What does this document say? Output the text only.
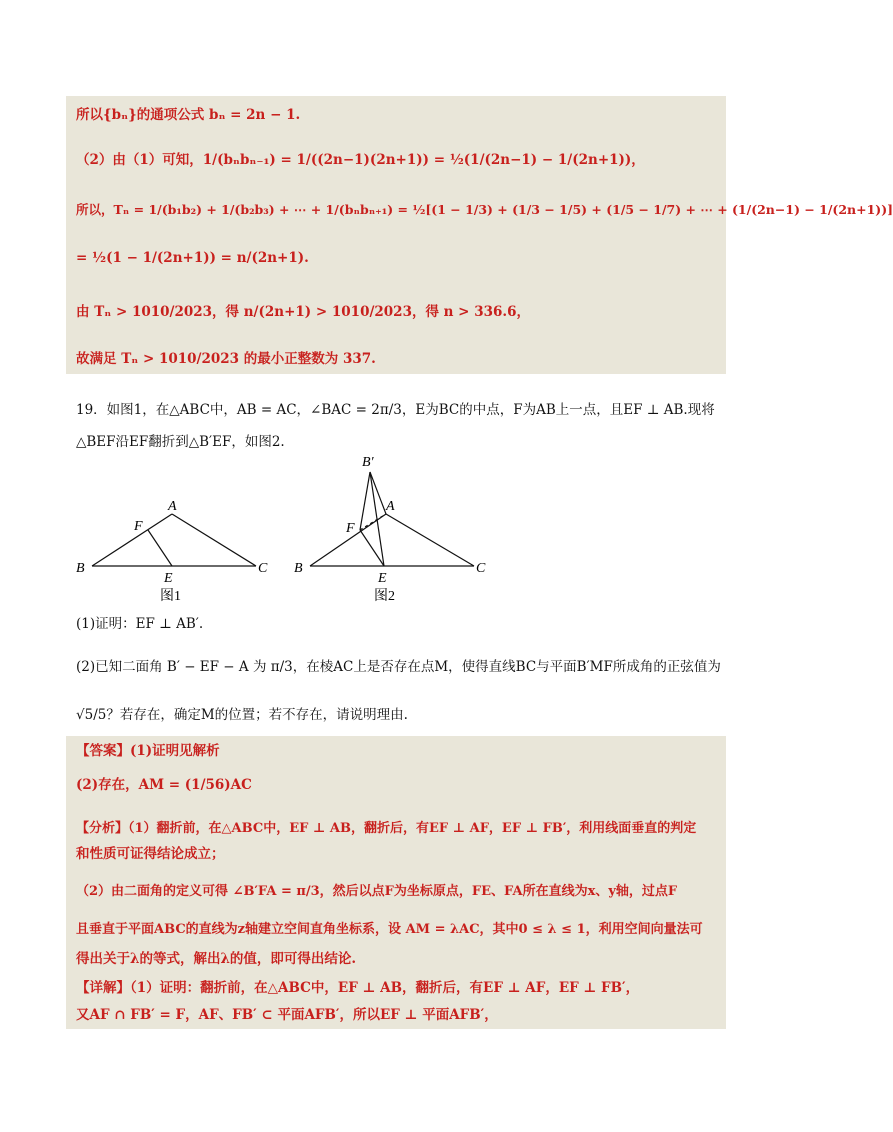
所以{bₙ}的通项公式 bₙ = 2n − 1.
（2）由（1）可知，1/(bₙbₙ₋₁) = 1/((2n−1)(2n+1)) = ½(1/(2n−1) − 1/(2n+1))，
所以，Tₙ = 1/(b₁b₂) + 1/(b₂b₃) + ⋯ + 1/(bₙbₙ₊₁) = ½[(1 − 1/3) + (1/3 − 1/5) + (1/5 − 1/7) + ⋯ + (1/(2n−1) − 1/(2n+1))]
= ½(1 − 1/(2n+1)) = n/(2n+1).
由 Tₙ > 1010/2023，得 n/(2n+1) > 1010/2023，得 n > 336.6，
故满足 Tₙ > 1010/2023 的最小正整数为 337.
19．如图1，在△ABC中，AB = AC，∠BAC = 2π/3，E为BC的中点，F为AB上一点，且EF ⊥ AB.现将
△BEF沿EF翻折到△B′EF，如图2.
A
B	C
E
F
图1
B′
A
B	C
E
F
图2
(1)证明：EF ⊥ AB′.
(2)已知二面角 B′ − EF − A 为 π/3，在棱AC上是否存在点M，使得直线BC与平面B′MF所成角的正弦值为
√5/5？若存在，确定M的位置；若不存在，请说明理由.
【答案】(1)证明见解析
(2)存在，AM = (1/56)AC
【分析】（1）翻折前，在△ABC中，EF ⊥ AB，翻折后，有EF ⊥ AF，EF ⊥ FB′，利用线面垂直的判定
和性质可证得结论成立；
（2）由二面角的定义可得 ∠B′FA = π/3，然后以点F为坐标原点，FE、FA所在直线为x、y轴，过点F
且垂直于平面ABC的直线为z轴建立空间直角坐标系，设 AM = λAC，其中0 ≤ λ ≤ 1，利用空间向量法可
得出关于λ的等式，解出λ的值，即可得出结论.
【详解】（1）证明：翻折前，在△ABC中，EF ⊥ AB，翻折后，有EF ⊥ AF，EF ⊥ FB′，
又AF ∩ FB′ = F，AF、FB′ ⊂ 平面AFB′，所以EF ⊥ 平面AFB′，
